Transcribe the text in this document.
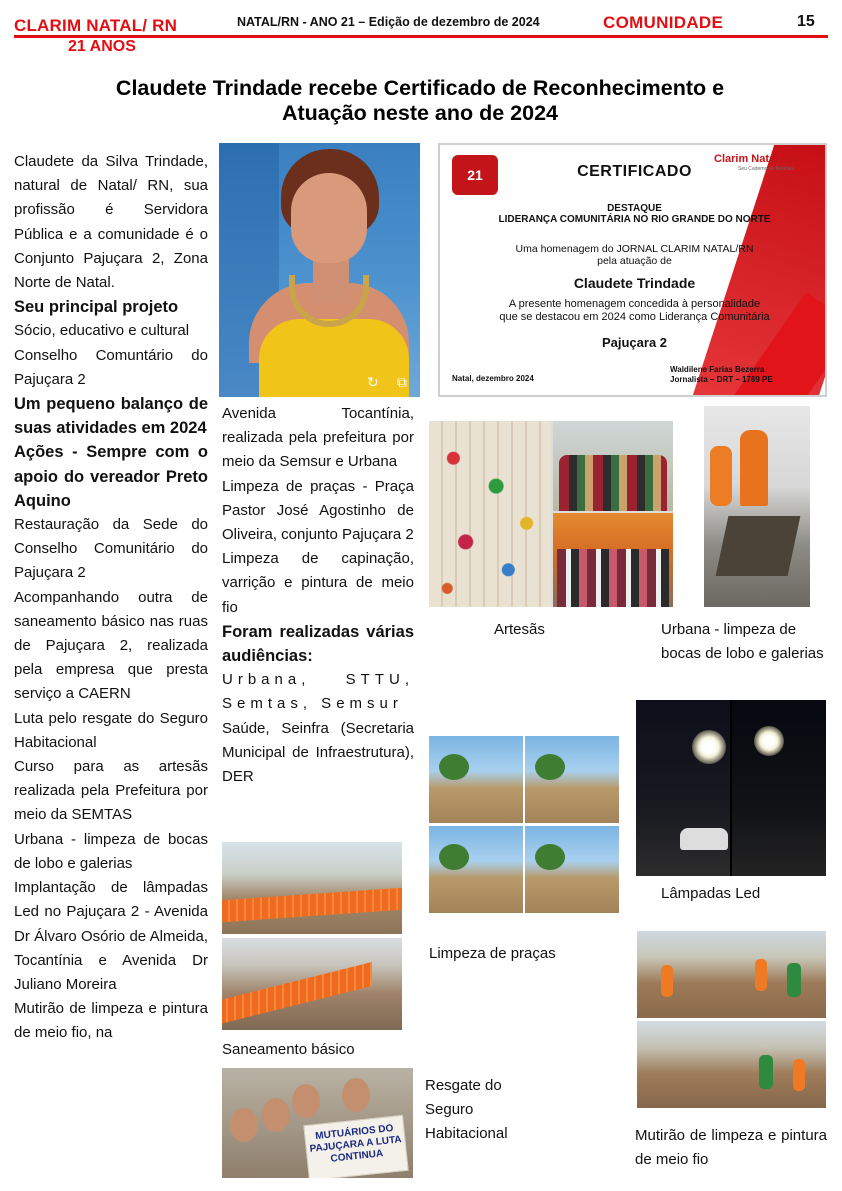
CLARIM NATAL/ RN
21 ANOS
NATAL/RN - ANO 21 – Edição de dezembro de 2024	COMUNIDADE	15
Claudete Trindade recebe Certificado de Reconhecimento e
Atuação neste ano de 2024

Claudete da Silva Trindade, natural de Natal/ RN, sua profissão é Servidora Pública e a comunidade é o Conjunto Pajuçara 2, Zona Norte de Natal.

Seu principal projeto

Sócio, educativo e cultural

Conselho Comuntário do Pajuçara 2

Um pequeno balanço de suas atividades em 2024

Ações - Sempre com o apoio do vereador Preto Aquino

Restauração da Sede do Conselho Comunitário do Pajuçara 2

Acompanhando outra de saneamento básico nas ruas de Pajuçara 2, realizada pela empresa que presta serviço a CAERN

Luta pelo resgate do Seguro Habitacional

Curso para as artesãs realizada pela Prefeitura por meio da SEMTAS

Urbana - limpeza de bocas de lobo e galerias

Implantação de lâmpadas Led no Pajuçara 2 - Avenida Dr Álvaro Osório de Almeida, Tocantínia e Avenida Dr Juliano Moreira

Mutirão de limpeza e pintura de meio fio, na

Avenida Tocantínia, realizada pela prefeitura por meio da Semsur e Urbana

Limpeza de praças - Praça Pastor José Agostinho de Oliveira, conjunto Pajuçara 2

Limpeza de capinação, varrição e pintura de meio fio

Foram realizadas várias audiências:

Urbana, STTU, Semtas, Semsur

Saúde, Seinfra (Secretaria Municipal de Infraestrutura), DER

↻ ⧉
21
Clarim Natal / RN
Seu Caderno de Notícias
CERTIFICADO
DESTAQUE
LIDERANÇA COMUNITÁRIA NO RIO GRANDE DO NORTE
Uma homenagem do JORNAL CLARIM NATAL/RN
pela atuação de
Claudete Trindade
A presente homenagem concedida à personalidade
que se destacou em 2024 como Liderança Comunitária
Pajuçara 2
Natal, dezembro 2024
Waldilene Farias Bezerra
Jornalista – DRT – 1769 PE
Artesãs	Urbana - limpeza de bocas de lobo e galerias
Lâmpadas Led
Limpeza de praças
Saneamento básico
MUTUÁRIOS DO PAJUÇARA A LUTA CONTINUA
Resgate do Seguro Habitacional	Mutirão de limpeza e pintura de meio fio
